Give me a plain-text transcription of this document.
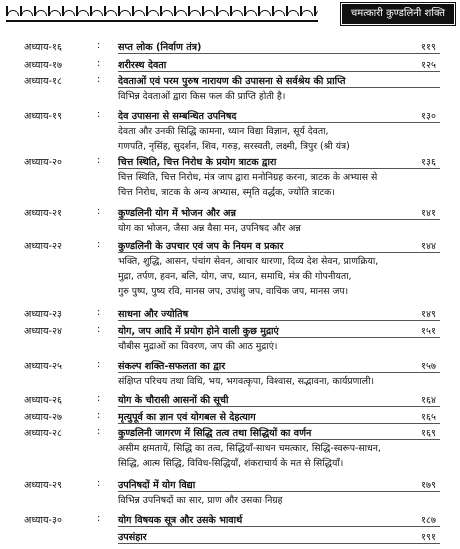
चमत्कारी कुण्डलिनी शक्ति
अध्याय-१६	: सप्त लोक (निर्वाण तंत्र)	११९
अध्याय-१७	: शरीरस्थ देवता	१२५
अध्याय-१८	: देवताओं एवं परम पुरुष नारायण की उपासना से सर्वश्रेय की प्राप्ति
विभिन्न देवताओं द्वारा किस फल की प्राप्ति होती है।
अध्याय-१९	: देव उपासना से सम्बन्धित उपनिषद	१३०
देवता और उनकी सिद्धि कामना, ध्यान विद्या विज्ञान, सूर्य देवता,
गणपति, नृसिंह, सुदर्शन, शिव, गरुड़, सरस्वती, लक्ष्मी, त्रिपुर (श्री यंत्र)
अध्याय-२०	: चित्त स्थिति, चित्त निरोध के प्रयोग त्राटक द्वारा	१३६
चित्त स्थिति, चित्त निरोध, मंत्र जाप द्वारा मनोनिग्रह करना, त्राटक के अभ्यास से
चित्त निरोध, त्राटक के अन्य अभ्यास, स्मृति वर्द्धक, ज्योति त्राटक।
अध्याय-२१	: कुण्डलिनी योग में भोजन और अन्न	१४१
योग का भोजन, जैसा अन्न वैसा मन, उपनिषद और अन्न
अध्याय-२२	: कुण्डलिनी के उपचार एवं जप के नियम व प्रकार	१४४
भक्ति, शुद्धि, आसन, पंचांग सेवन, आचार धारणा, दिव्य देश सेवन, प्राणक्रिया,
मुद्रा, तर्पण, हवन, बलि, योग, जप, ध्यान, समाधि, मंत्र की गोपनीयता,
गुरु पुष्प, पुष्य रवि, मानस जप, उपांशु जप, वाचिक जप, मानस जप।
अध्याय-२३	: साधना और ज्योतिष	१४९
अध्याय-२४	: योग, जप आदि में प्रयोग होने वाली कुछ मुद्राएं	१५१
चौबीस मुद्राओं का विवरण, जप की आठ मुद्राएं।
अध्याय-२५	: संकल्प शक्ति-सफलता का द्वार	१५७
संक्षिप्त परिचय तथा विधि, भय, भगवत्कृपा, विश्वास, सद्भावना, कार्यप्रणाली।
अध्याय-२६	: योग के चौरासी आसनों की सूची	१६४
अध्याय-२७	: मृत्युपूर्व का ज्ञान एवं योगबल से देहत्याग	१६५
अध्याय-२८	: कुण्डलिनी जागरण में सिद्धि तत्व तथा सिद्धियों का वर्णन	१६९
असीम क्षमतायें, सिद्धि का तत्व, सिद्धियाँ-साधन चमत्कार, सिद्धि-स्वरूप-साधन,
सिद्धि, आत्म सिद्धि, विविध-सिद्धियाँ, शंकराचार्य के मत से सिद्धियाँ।
अध्याय-२९	: उपनिषदों में योग विद्या	१७९
विभिन्न उपनिषदों का सार, प्राण और उसका निग्रह
अध्याय-३०	: योग विषयक सूत्र और उसके भावार्थ	१८७
उपसंहार	१९१
